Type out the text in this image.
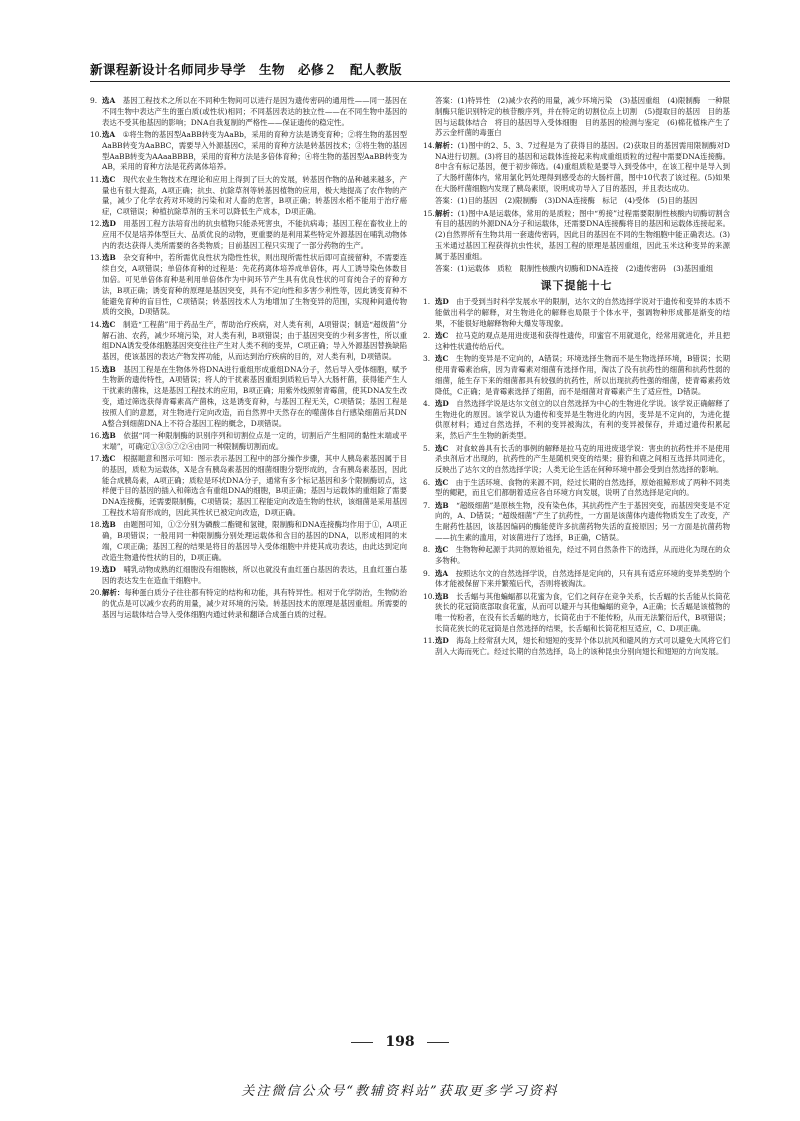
新课程新设计名师同步导学　生物　必修２　配人教版
9. 选A　基因工程技术之所以在不同种生物间可以进行是因为遗传密码的通用性——同一基因在不同生物中表达产生的蛋白质(或性状)相同；不同基因表达的独立性——在不同生物中基因的表达不受其他基因的影响；DNA自我复制的严格性——保证遗传的稳定性。
10. 选A　①将生物的基因型AaBB转变为AaBb，采用的育种方法是诱变育种；②将生物的基因型AaBB转变为AaBBC，需要导入外源基因C，采用的育种方法是转基因技术；③将生物的基因型AaBB转变为AAaaBBBB，采用的育种方法是多倍体育种；④将生物的基因型AaBB转变为AB，采用的育种方法是花药离体培养。
11. 选C　现代农业生物技术在理论和应用上得到了巨大的发展，转基因作物的品种越来越多，产量也有很大提高，A项正确；抗虫、抗除草剂等转基因植物的应用，极大地提高了农作物的产量，减少了化学农药对环境的污染和对人畜的危害，B项正确；转基因水稻不能用于治疗癌症，C项错误；种植抗除草剂的玉米可以降低生产成本，D项正确。
12. 选D　用基因工程方法培育出的抗虫植物只能杀死害虫，不能抗病毒；基因工程在畜牧业上的应用不仅是培养体型巨大、品质优良的动物，更重要的是利用某些特定外源基因在哺乳动物体内的表达获得人类所需要的各类物质；目前基因工程只实现了一部分药物的生产。
13. 选B　杂交育种中，若所需优良性状为隐性性状，则出现所需性状后即可直接留种，不需要连续自交，A项错误；单倍体育种的过程是：先花药离体培养成单倍体，再人工诱导染色体数目加倍。可见单倍体育种是利用单倍体作为中间环节产生具有优良性状的可育纯合子的育种方法，B项正确；诱变育种的原理是基因突变，具有不定向性和多害少利性等，因此诱变育种不能避免育种的盲目性，C项错误；转基因技术人为地增加了生物变异的范围，实现种间遗传物质的交换，D项错误。
14. 选C　制造“工程菌”用于药品生产，帮助治疗疾病，对人类有利，A项错误；制造“超级菌”分解石油、农药，减少环境污染，对人类有利，B项错误；由于基因突变的少利多害性，所以重组DNA诱发受体细胞基因突变往往产生对人类不利的变异，C项正确；导入外源基因替换缺陷基因，使该基因的表达产物发挥功能，从而达到治疗疾病的目的，对人类有利，D项错误。
15. 选B　基因工程是在生物体外将DNA进行重组形成重组DNA分子，然后导入受体细胞，赋予生物新的遗传特性，A项错误；将人的干扰素基因重组到质粒后导入大肠杆菌，获得能产生人干扰素的菌株，这是基因工程技术的应用，B项正确；用紫外线照射青霉菌，使其DNA发生改变，通过筛选获得青霉素高产菌株，这是诱变育种，与基因工程无关，C项错误；基因工程是按照人们的意愿，对生物进行定向改造，而自然界中天然存在的噬菌体自行感染细菌后其DNA整合到细菌DNA上不符合基因工程的概念，D项错误。
16. 选B　依据“同一种限制酶的识别序列和切割位点是一定的，切割后产生相同的黏性末端或平末端”，可确定①③⑤⑦②④由同一种限制酶切割而成。
17. 选C　根据题意和图示可知：图示表示基因工程中的部分操作步骤，其中人胰岛素基因属于目的基因，质粒为运载体，X是含有胰岛素基因的细菌细胞分裂形成的，含有胰岛素基因，因此能合成胰岛素，A项正确；质粒是环状DNA分子，通常有多个标记基因和多个限制酶切点，这样便于目的基因的插入和筛选含有重组DNA的细胞，B项正确；基因与运载体的重组除了需要DNA连接酶，还需要限制酶，C项错误；基因工程能定向改造生物的性状，该细菌是采用基因工程技术培育形成的，因此其性状已被定向改造，D项正确。
18. 选B　由题图可知，①②分别为磷酸二酯键和氢键，限制酶和DNA连接酶均作用于①，A项正确，B项错误；一般用同一种限制酶分别处理运载体和含目的基因的DNA，以形成相同的末端，C项正确；基因工程的结果是将目的基因导入受体细胞中并使其成功表达，由此达到定向改造生物遗传性状的目的，D项正确。
19. 选D　哺乳动物成熟的红细胞没有细胞核，所以也就没有血红蛋白基因的表达，且血红蛋白基因的表达发生在造血干细胞中。
20. 解析：每种蛋白质分子往往都有特定的结构和功能，具有特异性。相对于化学防治，生物防治的优点是可以减少农药的用量，减少对环境的污染。转基因技术的原理是基因重组。所需要的基因与运载体结合导入受体细胞内通过转录和翻译合成蛋白质的过程。
答案：(1)特异性　(2)减少农药的用量，减少环境污染　(3)基因重组　(4)限制酶　一种限制酶只能识别特定的核苷酸序列，并在特定的切割位点上切割　(5)提取目的基因　目的基因与运载体结合　将目的基因导入受体细胞　目的基因的检测与鉴定　(6)棉花植株产生了苏云金杆菌的毒蛋白
14. 解析：(1)图中的2、5、3、7过程是为了获得目的基因。(2)获取目的基因需用限制酶对DNA进行切割。(3)将目的基因和运载体连接起来构成重组质粒的过程中需要DNA连接酶。8中含有标记基因，便于初步筛选。(4)重组质粒是要导入到受体中，在该工程中是导入到了大肠杆菌体内，常用氯化钙处理得到感受态的大肠杆菌，图中10代表了该过程。(5)如果在大肠杆菌细胞内发现了胰岛素原，说明成功导入了目的基因，并且表达成功。
答案：(1)目的基因　(2)限制酶　(3)DNA连接酶　标记　(4)受体　(5)目的基因
15. 解析：(1)图中A是运载体，常用的是质粒；图中“剪接”过程需要限制性核酸内切酶切割含有目的基因的外源DNA分子和运载体，还需要DNA连接酶将目的基因和运载体连接起来。(2)自然界所有生物共用一套遗传密码，因此目的基因在不同的生物细胞中能正确表达。(3)玉米通过基因工程获得抗虫性状，基因工程的原理是基因重组，因此玉米这种变异的来源属于基因重组。
答案：(1)运载体　质粒　限制性核酸内切酶和DNA连接　(2)遗传密码　(3)基因重组
课下提能十七
1. 选D　由于受到当时科学发展水平的限制，达尔文的自然选择学说对于遗传和变异的本质不能做出科学的解释，对生物进化的解释也局限于个体水平，强调物种形成都是渐变的结果，不能很好地解释物种大爆发等现象。
2. 选C　拉马克的观点是用进废退和获得性遗传，印蜜官不用就退化，经常用就进化，并且把这种性状遗传给后代。
3. 选C　生物的变异是不定向的，A错误；环境选择生物而不是生物选择环境，B错误；长期使用青霉素治病，因为青霉素对细菌有选择作用，淘汰了没有抗药性的细菌和抗药性弱的细菌，能生存下来的细菌都具有较强的抗药性，所以出现抗药性强的细菌，使青霉素药效降低，C正确；是青霉素选择了细菌，而不是细菌对青霉素产生了适应性，D错误。
4. 选D　自然选择学说是达尔文创立的以自然选择为中心的生物进化学说。该学说正确解释了生物进化的原因。该学说认为遗传和变异是生物进化的内因，变异是不定向的，为进化提供原材料；通过自然选择，不利的变异被淘汰，有利的变异被保存，并通过遗传积累起来，然后产生生物的新类型。
5. 选C　对食蚊兽具有长舌的事例的解释是拉马克的用进废退学说：害虫的抗药性并不是使用杀虫剂后才出现的，抗药性的产生是随机突变的结果；猎豹和鹿之间相互选择共同进化，反映出了达尔文的自然选择学说；人类无论生活在何种环境中都会受到自然选择的影响。
6. 选C　由于生活环境、食物的来源不同，经过长期的自然选择，原始祖鲸形成了两种不同类型的鳃耙，而且它们都朝着适应各自环境方向发展，说明了自然选择是定向的。
7. 选B　“超级细菌”是原核生物，没有染色体，其抗药性产生于基因突变，而基因突变是不定向的，A、D错误；“超级细菌”产生了抗药性，一方面是该菌体内遗传物质发生了改变，产生耐药性基因，该基因编码的酶能使许多抗菌药物失活的直接原因；另一方面是抗菌药物——抗生素的滥用，对该菌进行了选择，B正确，C错误。
8. 选C　生物物种起源于共同的原始祖先，经过不同自然条件下的选择，从而进化为现在的众多物种。
9. 选A　按照达尔文的自然选择学说，自然选择是定向的，只有具有适应环境的变异类型的个体才能被保留下来并繁殖后代，否则将被淘汰。
10. 选B　长舌蝠与其他蝙蝠都以花蜜为食，它们之间存在竞争关系，长舌蝠的长舌能从长筒花狭长的花冠筒底部取食花蜜，从而可以避开与其他蝙蝠的竞争，A正确；长舌蝠是该植物的唯一传粉者，在没有长舌蝠的地方，长筒花由于不能传粉，从而无法繁衍后代，B项错误；长筒花狭长的花冠筒是自然选择的结果，长舌蝠和长筒花相互适应，C、D项正确。
11. 选D　海岛上经常刮大风，翅长和翅短的变异个体以抗风和避风的方式可以避免大风将它们刮入大海而死亡。经过长期的自然选择，岛上的该种昆虫分别向翅长和翅短的方向发展。
198
关注微信公众号“教辅资料站”获取更多学习资料
